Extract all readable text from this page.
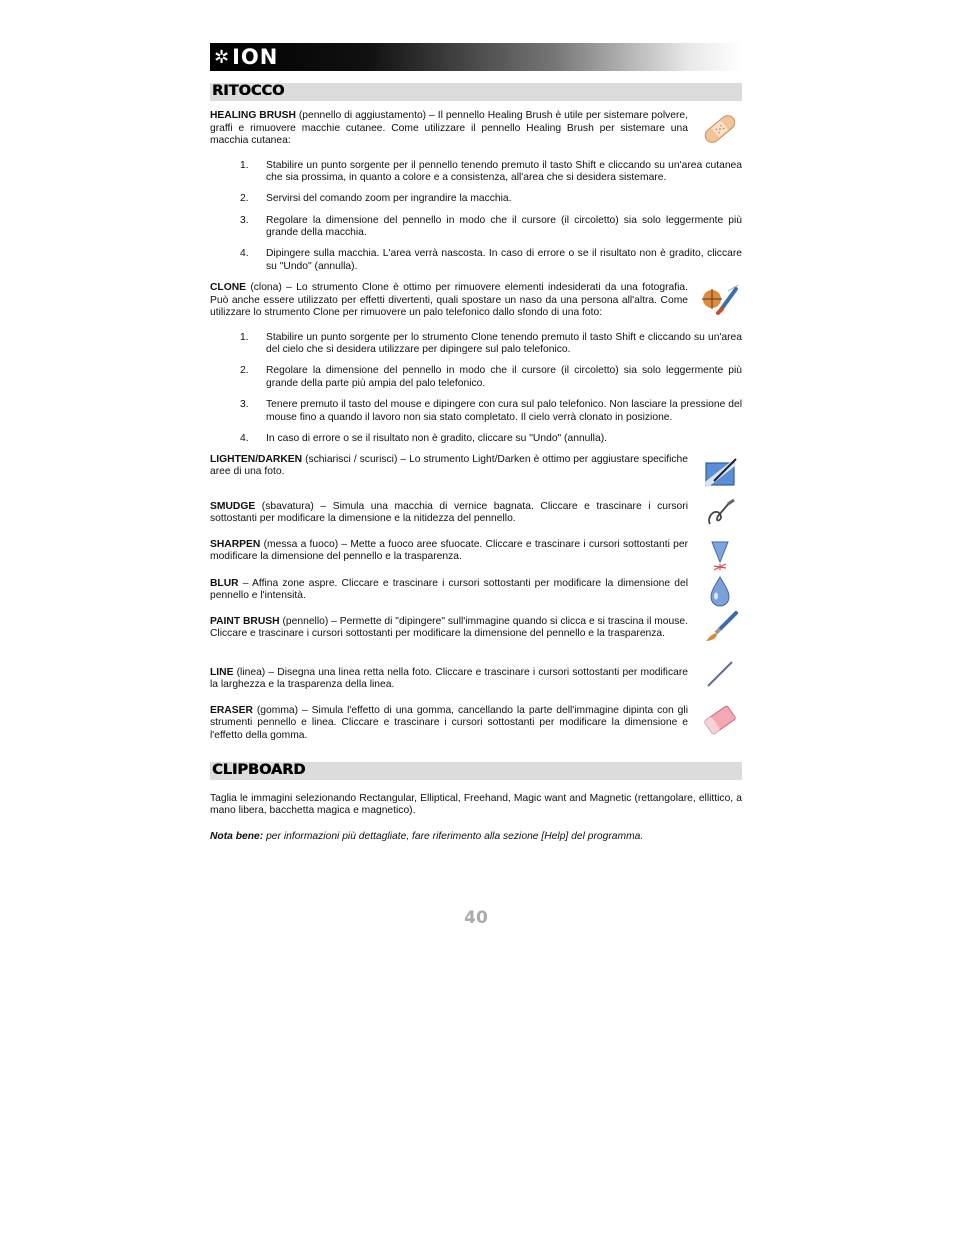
✲ ION
RITOCCO

HEALING BRUSH (pennello di aggiustamento) – Il pennello Healing Brush è utile per sistemare polvere, graffi e rimuovere macchie cutanee. Come utilizzare il pennello Healing Brush per sistemare una macchia cutanea:

1. Stabilire un punto sorgente per il pennello tenendo premuto il tasto Shift e cliccando su un'area cutanea che sia prossima, in quanto a colore e a consistenza, all'area che si desidera sistemare.
2. Servirsi del comando zoom per ingrandire la macchia.
3. Regolare la dimensione del pennello in modo che il cursore (il circoletto) sia solo leggermente più grande della macchia.
4. Dipingere sulla macchia. L'area verrà nascosta. In caso di errore o se il risultato non è gradito, cliccare su "Undo" (annulla).

CLONE (clona) – Lo strumento Clone è ottimo per rimuovere elementi indesiderati da una fotografia. Può anche essere utilizzato per effetti divertenti, quali spostare un naso da una persona all'altra. Come utilizzare lo strumento Clone per rimuovere un palo telefonico dallo sfondo di una foto:

1. Stabilire un punto sorgente per lo strumento Clone tenendo premuto il tasto Shift e cliccando su un'area del cielo che si desidera utilizzare per dipingere sul palo telefonico.
2. Regolare la dimensione del pennello in modo che il cursore (il circoletto) sia solo leggermente più grande della parte più ampia del palo telefonico.
3. Tenere premuto il tasto del mouse e dipingere con cura sul palo telefonico. Non lasciare la pressione del mouse fino a quando il lavoro non sia stato completato. Il cielo verrà clonato in posizione.
4. In caso di errore o se il risultato non è gradito, cliccare su "Undo" (annulla).

LIGHTEN/DARKEN (schiarisci / scurisci) – Lo strumento Light/Darken è ottimo per aggiustare specifiche aree di una foto.

SMUDGE (sbavatura) – Simula una macchia di vernice bagnata. Cliccare e trascinare i cursori sottostanti per modificare la dimensione e la nitidezza del pennello.

SHARPEN (messa a fuoco) – Mette a fuoco aree sfuocate. Cliccare e trascinare i cursori sottostanti per modificare la dimensione del pennello e la trasparenza.

BLUR – Affina zone aspre. Cliccare e trascinare i cursori sottostanti per modificare la dimensione del pennello e l'intensità.

PAINT BRUSH (pennello) – Permette di "dipingere" sull'immagine quando si clicca e si trascina il mouse. Cliccare e trascinare i cursori sottostanti per modificare la dimensione del pennello e la trasparenza.

LINE (linea) – Disegna una linea retta nella foto. Cliccare e trascinare i cursori sottostanti per modificare la larghezza e la trasparenza della linea.

ERASER (gomma) – Simula l'effetto di una gomma, cancellando la parte dell'immagine dipinta con gli strumenti pennello e linea. Cliccare e trascinare i cursori sottostanti per modificare la dimensione e l'effetto della gomma.

CLIPBOARD

Taglia le immagini selezionando Rectangular, Elliptical, Freehand, Magic want and Magnetic (rettangolare, ellittico, a mano libera, bacchetta magica e magnetico).

Nota bene: per informazioni più dettagliate, fare riferimento alla sezione [Help] del programma.

40
